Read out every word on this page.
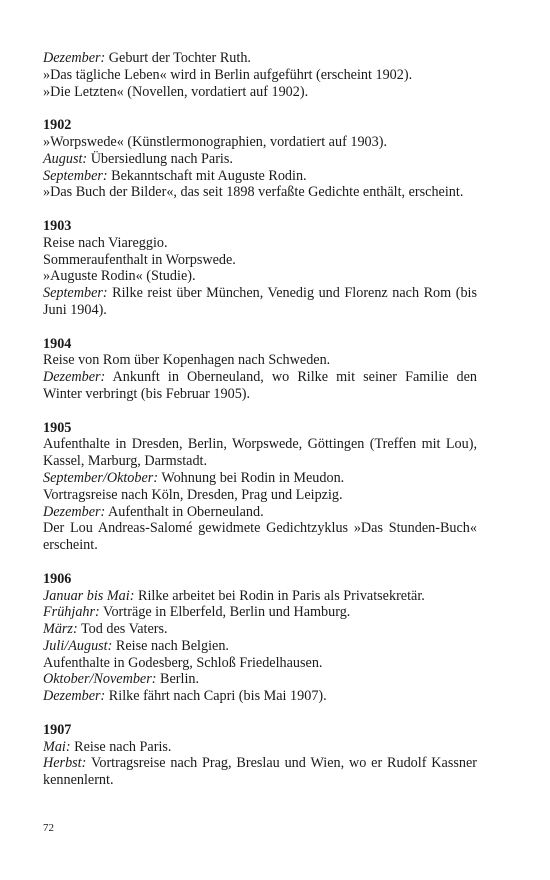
Dezember: Geburt der Tochter Ruth.
»Das tägliche Leben« wird in Berlin aufgeführt (erscheint 1902).
»Die Letzten« (Novellen, vordatiert auf 1902).
1902
»Worpswede« (Künstlermonographien, vordatiert auf 1903).
August: Übersiedlung nach Paris.
September: Bekanntschaft mit Auguste Rodin.
»Das Buch der Bilder«, das seit 1898 verfaßte Gedichte enthält, erscheint.
1903
Reise nach Viareggio.
Sommeraufenthalt in Worpswede.
»Auguste Rodin« (Studie).
September: Rilke reist über München, Venedig und Florenz nach Rom (bis Juni 1904).
1904
Reise von Rom über Kopenhagen nach Schweden.
Dezember: Ankunft in Oberneuland, wo Rilke mit seiner Familie den Winter verbringt (bis Februar 1905).
1905
Aufenthalte in Dresden, Berlin, Worpswede, Göttingen (Treffen mit Lou), Kassel, Marburg, Darmstadt.
September/Oktober: Wohnung bei Rodin in Meudon.
Vortragsreise nach Köln, Dresden, Prag und Leipzig.
Dezember: Aufenthalt in Oberneuland.
Der Lou Andreas-Salomé gewidmete Gedichtzyklus »Das Stunden-Buch« erscheint.
1906
Januar bis Mai: Rilke arbeitet bei Rodin in Paris als Privatsekretär.
Frühjahr: Vorträge in Elberfeld, Berlin und Hamburg.
März: Tod des Vaters.
Juli/August: Reise nach Belgien.
Aufenthalte in Godesberg, Schloß Friedelhausen.
Oktober/November: Berlin.
Dezember: Rilke fährt nach Capri (bis Mai 1907).
1907
Mai: Reise nach Paris.
Herbst: Vortragsreise nach Prag, Breslau und Wien, wo er Rudolf Kassner kennenlernt.
72
